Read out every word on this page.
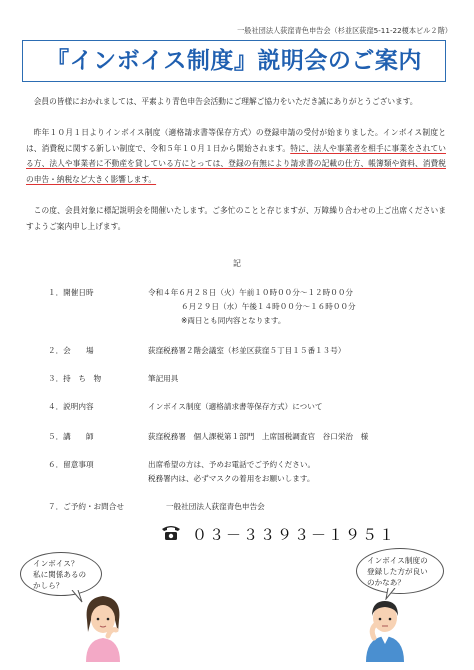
一般社団法人荻窪青色申告会（杉並区荻窪5-11-22榎本ビル２階）
『インボイス制度』説明会のご案内

会員の皆様におかれましては、平素より青色申告会活動にご理解ご協力をいただき誠にありがとうございます。

昨年１０月１日よりインボイス制度（適格請求書等保存方式）の登録申請の受付が始まりました。インボイス制度とは、消費税に関する新しい制度で、令和５年１０月１日から開始されます。特に、法人や事業者を相手に事業をされている方、法人や事業者に不動産を貸している方にとっては、登録の有無により請求書の記載の仕方、帳簿類や資料、消費税の申告・納税など大きく影響します。

この度、会員対象に標記説明会を開催いたします。ご多忙のことと存じますが、万障繰り合わせの上ご出席くださいますようご案内申し上げます。

記
１．開催日時	令和４年６月２８日（火）午前１０時００分～１２時００分
６月２９日（水）午後１４時００分～１６時００分
※両日とも同内容となります。
２．会　　場	荻窪税務署２階会議室（杉並区荻窪５丁目１５番１３号）
３．持　ち　物	筆記用具
４．説明内容	インボイス制度（適格請求書等保存方式）について
５．講　　師	荻窪税務署　個人課税第１部門　上席国税調査官　谷口栄治　様
６．留意事項	出席希望の方は、予めお電話でご予約ください。
税務署内は、必ずマスクの着用をお願いします。
７．ご予約・お問合せ	一般社団法人荻窪青色申告会
０３－３３９３－１９５１
インボイス？
私に関係あるの
かしら？
インボイス制度の
登録した方が良い
のかなあ？
